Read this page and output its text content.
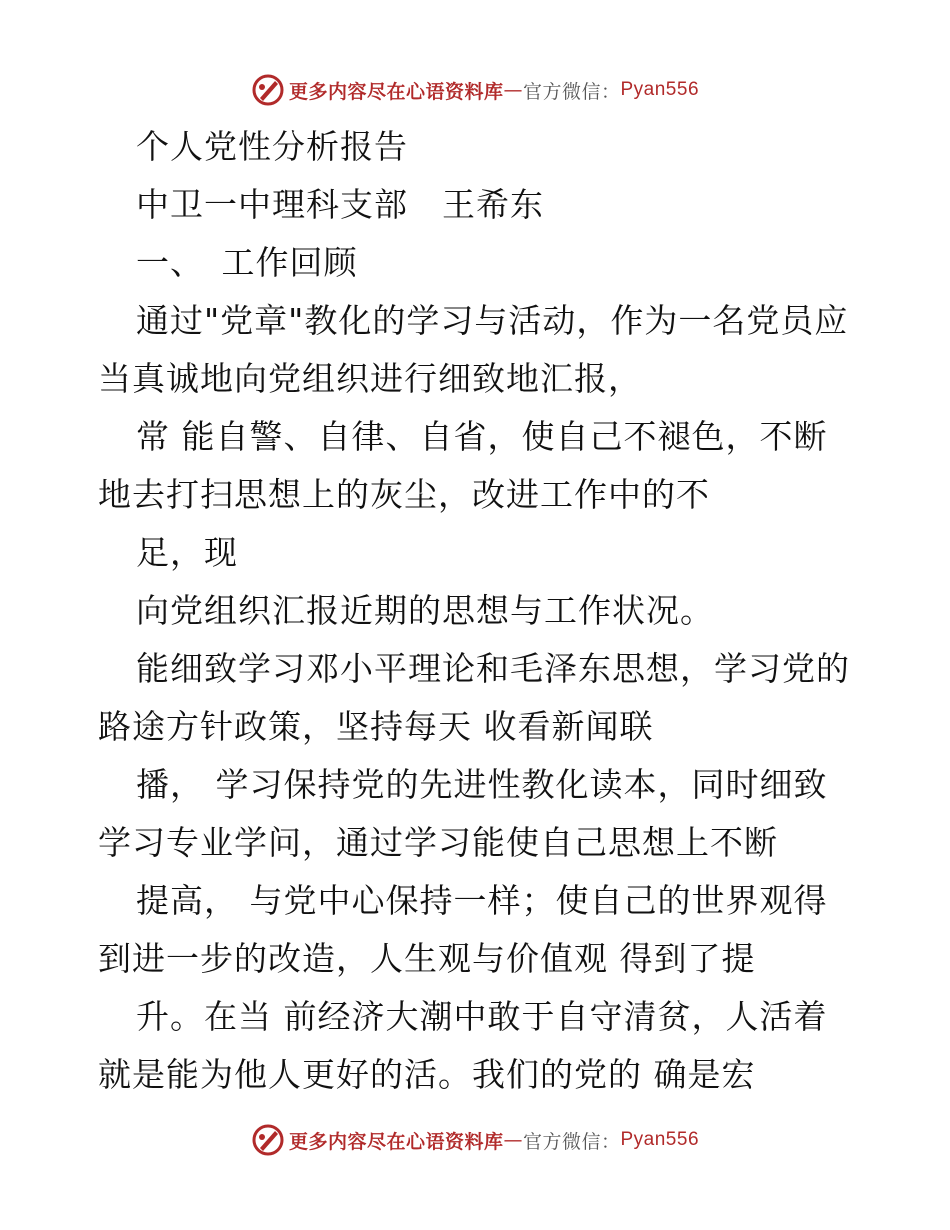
更多内容尽在心语资料库 — 官方微信： Pyan556
个人党性分析报告
中卫一中理科支部　王希东
一、　工作回顾
通过"党章"教化的学习与活动，作为一名党员应
当真诚地向党组织进行细致地汇报，
常 能自警、自律、自省，使自己不褪色，不断
地去打扫思想上的灰尘，改进工作中的不
足，现
向党组织汇报近期的思想与工作状况。
能细致学习邓小平理论和毛泽东思想，学习党的
路途方针政策，坚持每天 收看新闻联
播， 学习保持党的先进性教化读本，同时细致
学习专业学问，通过学习能使自己思想上不断
提高， 与党中心保持一样；使自己的世界观得
到进一步的改造，人生观与价值观 得到了提
升。在当 前经济大潮中敢于自守清贫，人活着
就是能为他人更好的活。我们的党的 确是宏
更多内容尽在心语资料库 — 官方微信： Pyan556
